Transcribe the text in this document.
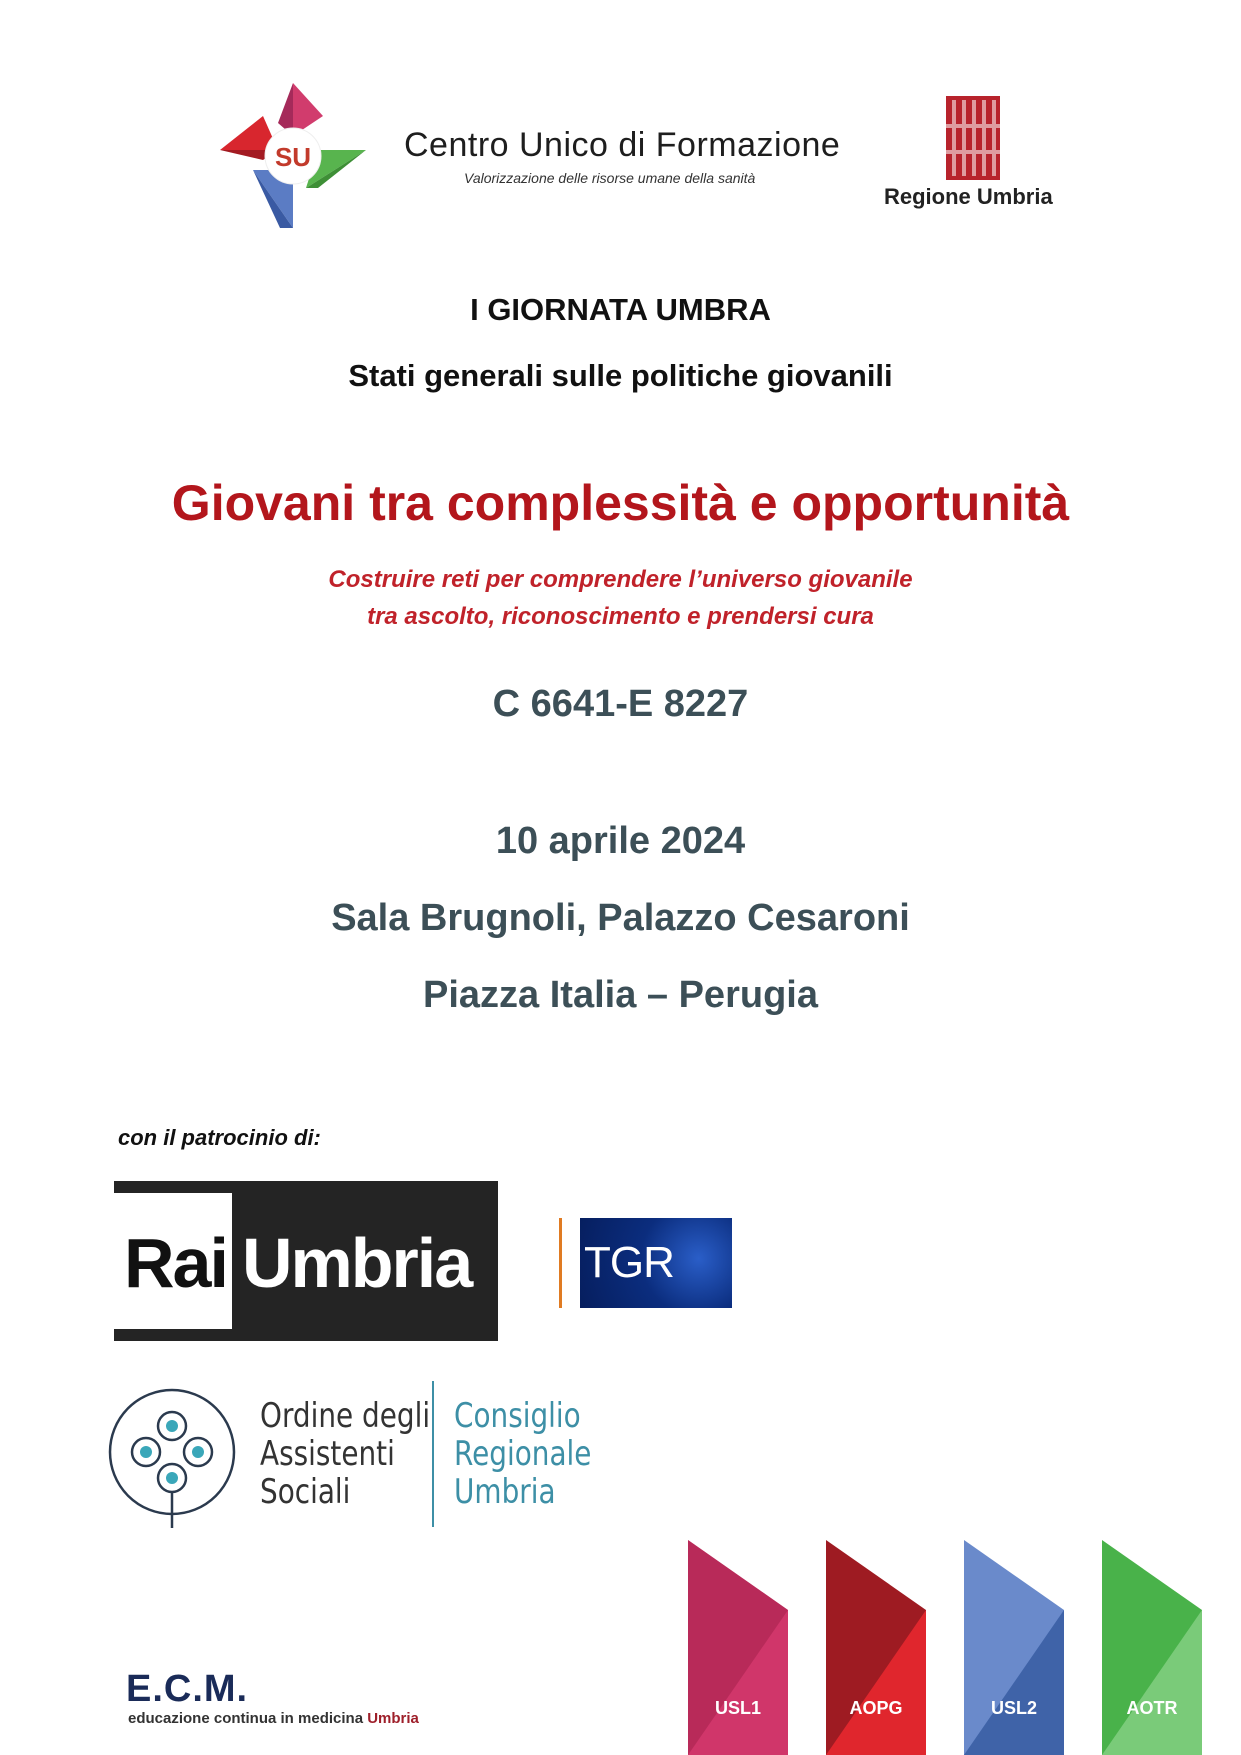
SU	Centro Unico di Formazione
Valorizzazione delle risorse umane della sanità
Regione Umbria
I GIORNATA UMBRA
Stati generali sulle politiche giovanili
Giovani tra complessità e opportunità
Costruire reti per comprendere l’universo giovanile
tra ascolto, riconoscimento e prendersi cura
C 6641-E 8227
10 aprile 2024
Sala Brugnoli, Palazzo Cesaroni
Piazza Italia – Perugia
con il patrocinio di:
Rai Umbria	TGR
Ordine degli
Assistenti
Sociali
Consiglio
Regionale
Umbria
E.C.M.
educazione continua in medicina Umbria
USL1	AOPG	USL2	AOTR
